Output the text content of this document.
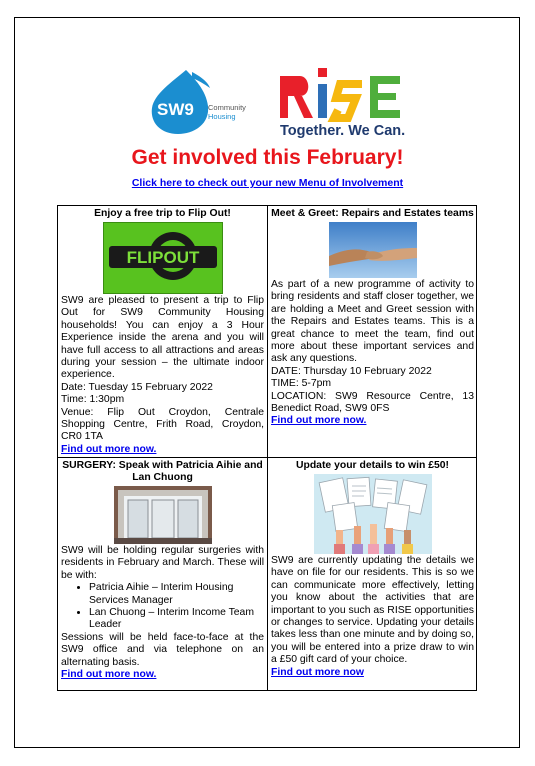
SW9 Community
Housing
Together. We Can.
Get involved this February!
Click here to check out your new Menu of Involvement
Enjoy a free trip to Flip Out!
FLIPOUT
SW9 are pleased to present a trip to Flip Out for SW9 Community Housing households! You can enjoy a 3 Hour Experience inside the arena and you will have full access to all attractions and areas during your session – the ultimate indoor experience.
Date: Tuesday 15 February 2022
Time: 1:30pm
Venue: Flip Out Croydon, Centrale Shopping Centre, Frith Road, Croydon, CR0 1TA
Find out more now.
Meet & Greet: Repairs and Estates teams
As part of a new programme of activity to bring residents and staff closer together, we are holding a Meet and Greet session with the Repairs and Estates teams. This is a great chance to meet the team, find out more about these important services and ask any questions.
DATE: Thursday 10 February 2022
TIME: 5-7pm
LOCATION: SW9 Resource Centre, 13 Benedict Road, SW9 0FS
Find out more now.
SURGERY: Speak with Patricia Aihie and Lan Chuong
SW9 will be holding regular surgeries with residents in February and March. These will be with:
• Patricia Aihie – Interim Housing Services Manager
• Lan Chuong – Interim Income Team Leader
Sessions will be held face-to-face at the SW9 office and via telephone on an alternating basis.
Find out more now.
Update your details to win £50!
SW9 are currently updating the details we have on file for our residents. This is so we can communicate more effectively, letting you know about the activities that are important to you such as RISE opportunities or changes to service. Updating your details takes less than one minute and by doing so, you will be entered into a prize draw to win a £50 gift card of your choice.
Find out more now
